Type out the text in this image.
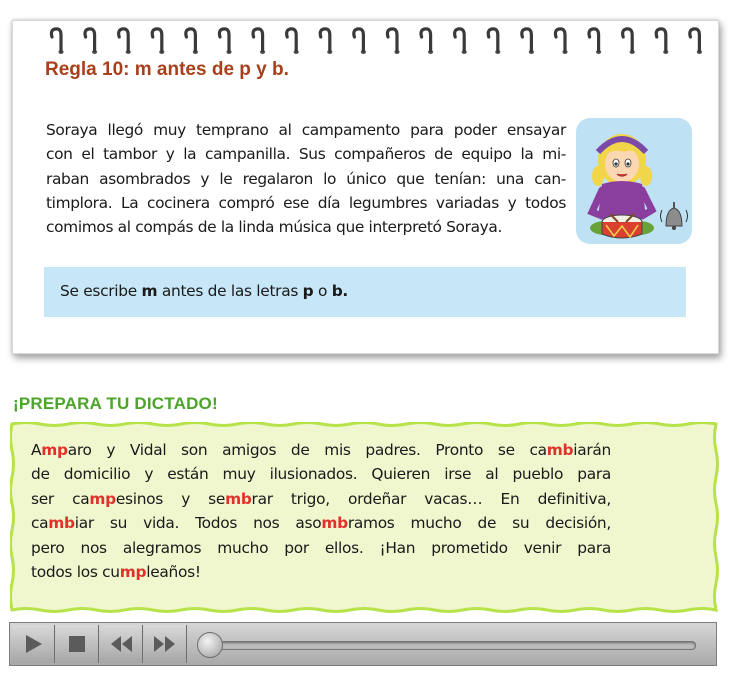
Regla 10: m antes de p y b.
Soraya llegó muy temprano al campamento para poder ensayar
con el tambor y la campanilla. Sus compañeros de equipo la mi-
raban asombrados y le regalaron lo único que tenían: una can-
timplora. La cocinera compró ese día legumbres variadas y todos
comimos al compás de la linda música que interpretó Soraya.
Se escribe m antes de las letras p o b.
¡PREPARA TU DICTADO!
Amparo y Vidal son amigos de mis padres. Pronto se cambiarán
de domicilio y están muy ilusionados. Quieren irse al pueblo para
ser campesinos y sembrar trigo, ordeñar vacas… En definitiva,
cambiar su vida. Todos nos asombramos mucho de su decisión,
pero nos alegramos mucho por ellos. ¡Han prometido venir para
todos los cumpleaños!
